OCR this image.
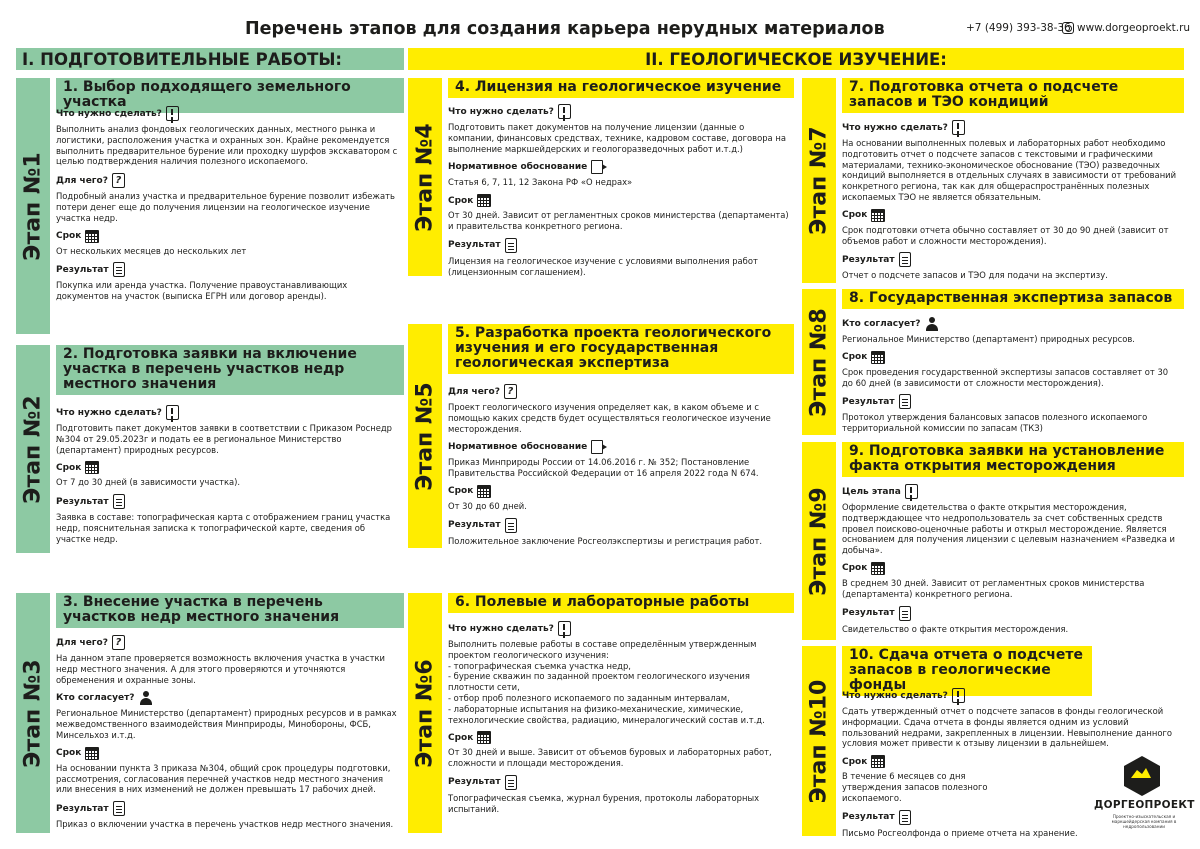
Перечень этапов для создания карьера нерудных материалов	+7 (499) 393-38-36 www.dorgeoproekt.ru
I. ПОДГОТОВИТЕЛЬНЫЕ РАБОТЫ:	II. ГЕОЛОГИЧЕСКОЕ ИЗУЧЕНИЕ:
Этап №1
1. Выбор подходящего земельного участка
Что нужно сделать?

Выполнить анализ фондовых геологических данных, местного рынка и логистики, расположения участка и охранных зон. Крайне рекомендуется выполнить предварительное бурение или проходку шурфов экскаватором с целью подтверждения наличия полезного ископаемого.

Для чего?
?

Подробный анализ участка и предварительное бурение позволит избежать потери денег еще до получения лицензии на геологическое изучение участка недр.

Срок

От нескольких месяцев до нескольких лет

Результат

Покупка или аренда участка. Получение правоустанавливающих документов на участок (выписка ЕГРН или договор аренды).

Этап №2
2. Подготовка заявки на включение участка в перечень участков недр местного значения
Что нужно сделать?

Подготовить пакет документов заявки в соответствии с Приказом Роснедр №304 от 29.05.2023г и подать ее в региональное Министерство (департамент) природных ресурсов.

Срок

От 7 до 30 дней (в зависимости участка).

Результат

Заявка в составе: топографическая карта с отображением границ участка недр, пояснительная записка к топографической карте, сведения об участке недр.

Этап №3
3. Внесение участка в перечень участков недр местного значения
Для чего?
?

На данном этапе проверяется возможность включения участка в участки недр местного значения. А для этого проверяются и уточняются обременения и охранные зоны.

Кто согласует?

Региональное Министерство (департамент) природных ресурсов и в рамках межведомственного взаимодействия Минприроды, Минобороны, ФСБ, Минсельхоз и.т.д.

Срок

На основании пункта 3 приказа №304, общий срок процедуры подготовки, рассмотрения, согласования перечней участков недр местного значения или внесения в них изменений не должен превышать 17 рабочих дней.

Результат

Приказ о включении участка в перечень участков недр местного значения.

Этап №4
4. Лицензия на геологическое изучение
Что нужно сделать?

Подготовить пакет документов на получение лицензии (данные о компании, финансовых средствах, технике, кадровом составе, договора на выполнение маркшейдерских и геологоразведочных работ и.т.д.)

Нормативное обоснование

Статья 6, 7, 11, 12 Закона РФ «О недрах»

Срок

От 30 дней. Зависит от регламентных сроков министерства (департамента) и правительства конкретного региона.

Результат

Лицензия на геологическое изучение с условиями выполнения работ (лицензионным соглашением).

Этап №5
5. Разработка проекта геологического изучения и его государственная геологическая экспертиза
Для чего?
?

Проект геологического изучения определяет как, в каком объеме и с помощью каких средств будет осуществляться геологическое изучение месторождения.

Нормативное обоснование

Приказ Минприроды России от 14.06.2016 г. № 352; Постановление Правительства Российской Федерации от 16 апреля 2022 года N 674.

Срок

От 30 до 60 дней.

Результат

Положительное заключение Росгеолэкспертизы и регистрация работ.

Этап №6
6. Полевые и лабораторные работы
Что нужно сделать?

Выполнить полевые работы в составе определённым утвержденным проектом геологического изучения:

- топографическая съемка участка недр,

- бурение скважин по заданной проектом геологического изучения плотности сети,

- отбор проб полезного ископаемого по заданным интервалам,

- лабораторные испытания на физико-механические, химические, технологические свойства, радиацию, минералогический состав и.т.д.

Срок

От 30 дней и выше. Зависит от объемов буровых и лабораторных работ, сложности и площади месторождения.

Результат

Топографическая съемка, журнал бурения, протоколы лабораторных испытаний.

Этап №7
7. Подготовка отчета о подсчете запасов и ТЭО кондиций
Что нужно сделать?

На основании выполненных полевых и лабораторных работ необходимо подготовить отчет о подсчете запасов с текстовыми и графическими материалами, технико-экономическое обоснование (ТЭО) разведочных кондиций выполняется в отдельных случаях в зависимости от требований конкретного региона, так как для общераспространённых полезных ископаемых ТЭО не является обязательным.

Срок

Срок подготовки отчета обычно составляет от 30 до 90 дней (зависит от объемов работ и сложности месторождения).

Результат

Отчет о подсчете запасов и ТЭО для подачи на экспертизу.

Этап №8
8. Государственная экспертиза запасов
Кто согласует?

Региональное Министерство (департамент) природных ресурсов.

Срок

Срок проведения государственной экспертизы запасов составляет от 30 до 60 дней (в зависимости от сложности месторождения).

Результат

Протокол утверждения балансовых запасов полезного ископаемого территориальной комиссии по запасам (ТКЗ)

Этап №9
9. Подготовка заявки на установление факта открытия месторождения
Цель этапа

Оформление свидетельства о факте открытия месторождения, подтверждающее что недропользователь за счет собственных средств провел поисково-оценочные работы и открыл месторождение. Является основанием для получения лицензии с целевым назначением «Разведка и добыча».

Срок

В среднем 30 дней. Зависит от регламентных сроков министерства (департамента) конкретного региона.

Результат

Свидетельство о факте открытия месторождения.

Этап №10
10. Сдача отчета о подсчете запасов в геологические фонды
Что нужно сделать?

Сдать утвержденный отчет о подсчете запасов в фонды геологической информации. Сдача отчета в фонды является одним из условий пользований недрами, закрепленных в лицензии. Невыполнение данного условия может привести к отзыву лицензии в дальнейшем.

Срок

В течение 6 месяцев со дня утверждения запасов полезного ископаемого.

Результат

Письмо Росгеолфонда о приеме отчета на хранение.

ДОРГЕОПРОЕКТ
Проектно-изыскательская и маркшейдерская компания в недропользовании
